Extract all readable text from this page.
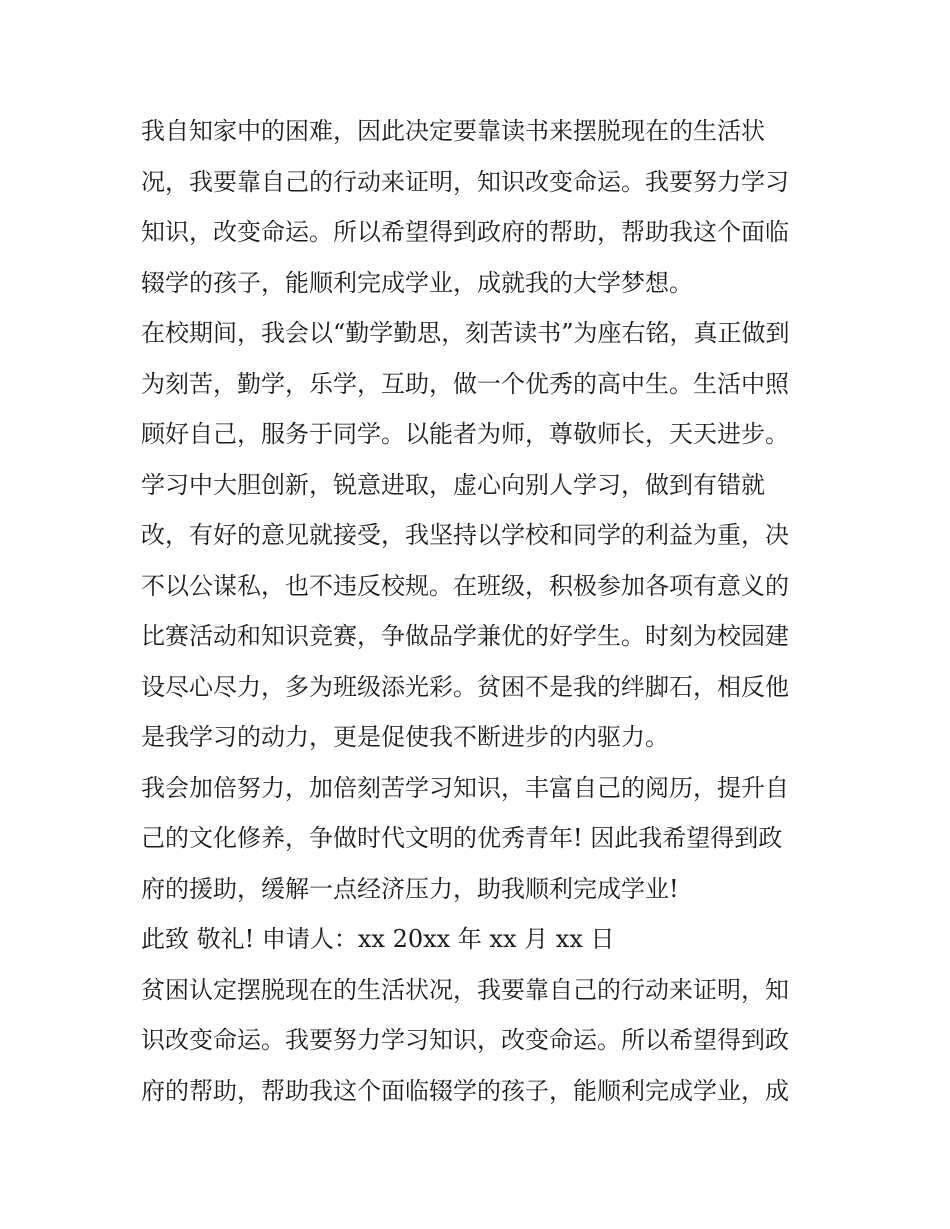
我自知家中的困难，因此决定要靠读书来摆脱现在的生活状
况，我要靠自己的行动来证明，知识改变命运。我要努力学习
知识，改变命运。所以希望得到政府的帮助，帮助我这个面临
辍学的孩子，能顺利完成学业，成就我的大学梦想。
在校期间，我会以“勤学勤思，刻苦读书”为座右铭，真正做到
为刻苦，勤学，乐学，互助，做一个优秀的高中生。生活中照
顾好自己，服务于同学。以能者为师，尊敬师长，天天进步。
学习中大胆创新，锐意进取，虚心向别人学习，做到有错就
改，有好的意见就接受，我坚持以学校和同学的利益为重，决
不以公谋私，也不违反校规。在班级，积极参加各项有意义的
比赛活动和知识竞赛，争做品学兼优的好学生。时刻为校园建
设尽心尽力，多为班级添光彩。贫困不是我的绊脚石，相反他
是我学习的动力，更是促使我不断进步的内驱力。
我会加倍努力，加倍刻苦学习知识，丰富自己的阅历，提升自
己的文化修养，争做时代文明的优秀青年! 因此我希望得到政
府的援助，缓解一点经济压力，助我顺利完成学业!
此致 敬礼! 申请人：xx 20xx 年 xx 月 xx 日
贫困认定摆脱现在的生活状况，我要靠自己的行动来证明，知
识改变命运。我要努力学习知识，改变命运。所以希望得到政
府的帮助，帮助我这个面临辍学的孩子，能顺利完成学业，成
